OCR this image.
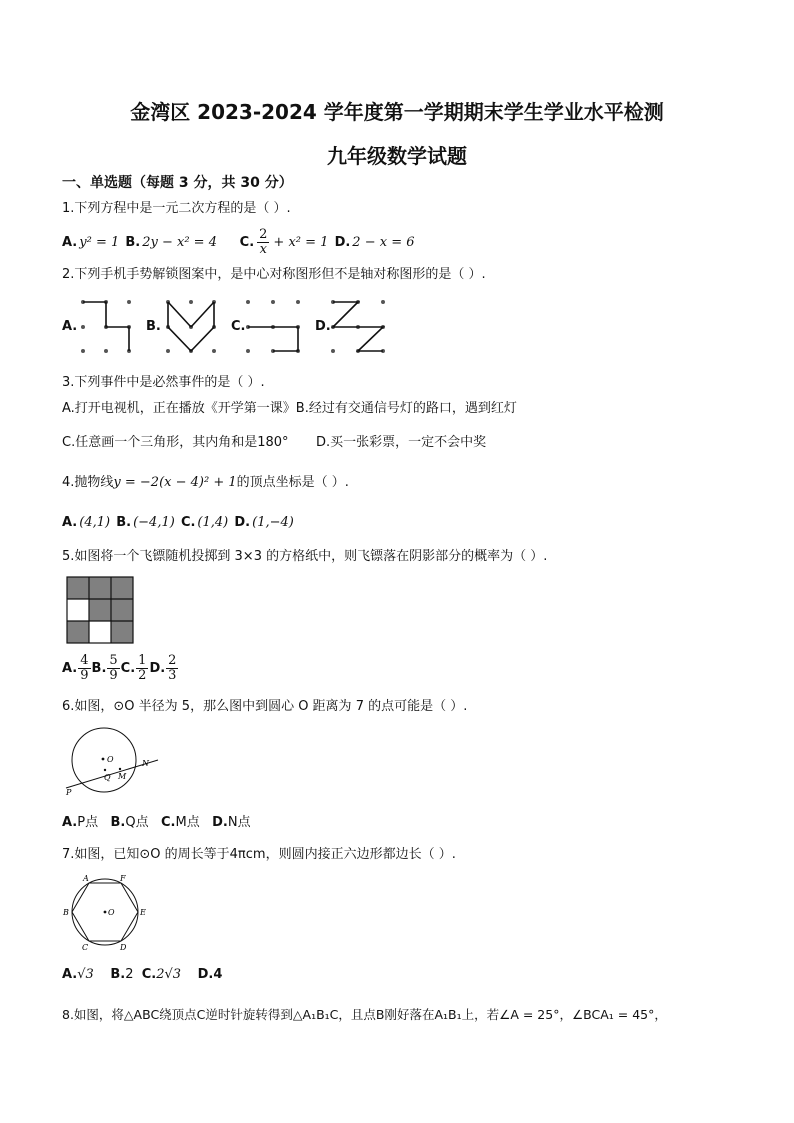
金湾区 2023-2024 学年度第一学期期末学生学业水平检测
九年级数学试题
一、单选题（每题 3 分，共 30 分）
1.下列方程中是一元二次方程的是（ ）.
A. y² = 1 B. 2y − x² = 4 C. $\frac{2}{x} + x^2 = 1$ D. 2 − x = 6
2.下列手机手势解锁图案中，是中心对称图形但不是轴对称图形的是（ ）.
A.	B.	C.	D.
3.下列事件中是必然事件的是（ ）.
A.打开电视机，正在播放《开学第一课》B.经过有交通信号灯的路口，遇到红灯
C.任意画一个三角形，其内角和是180° D.买一张彩票，一定不会中奖
4.抛物线y = −2(x − 4)² + 1的顶点坐标是（ ）.
A. (4,1) B. (−4,1) C. (1,4) D. (1,−4)
5.如图将一个飞镖随机投掷到 3×3 的方格纸中，则飞镖落在阴影部分的概率为（ ）.
A. $\frac{4}{9} B$. $\frac{5}{9} C$. $\frac{1}{2} D$. $\frac{2}{3}$
6.如图，⊙O 半径为 5，那么图中到圆心 O 距离为 7 的点可能是（ ）.
O
P
Q M
N
A.P点 B.Q点 C.M点 D.N点
7.如图，已知⊙O 的周长等于4πcm，则圆内接正六边形都边长（ ）.
A	F
B	E
C	D
O
A.√3 B.2 C.2√3 D.4
8.如图，将△ABC绕顶点C逆时针旋转得到△A₁B₁C，且点B刚好落在A₁B₁上，若∠A = 25°，∠BCA₁ = 45°，
